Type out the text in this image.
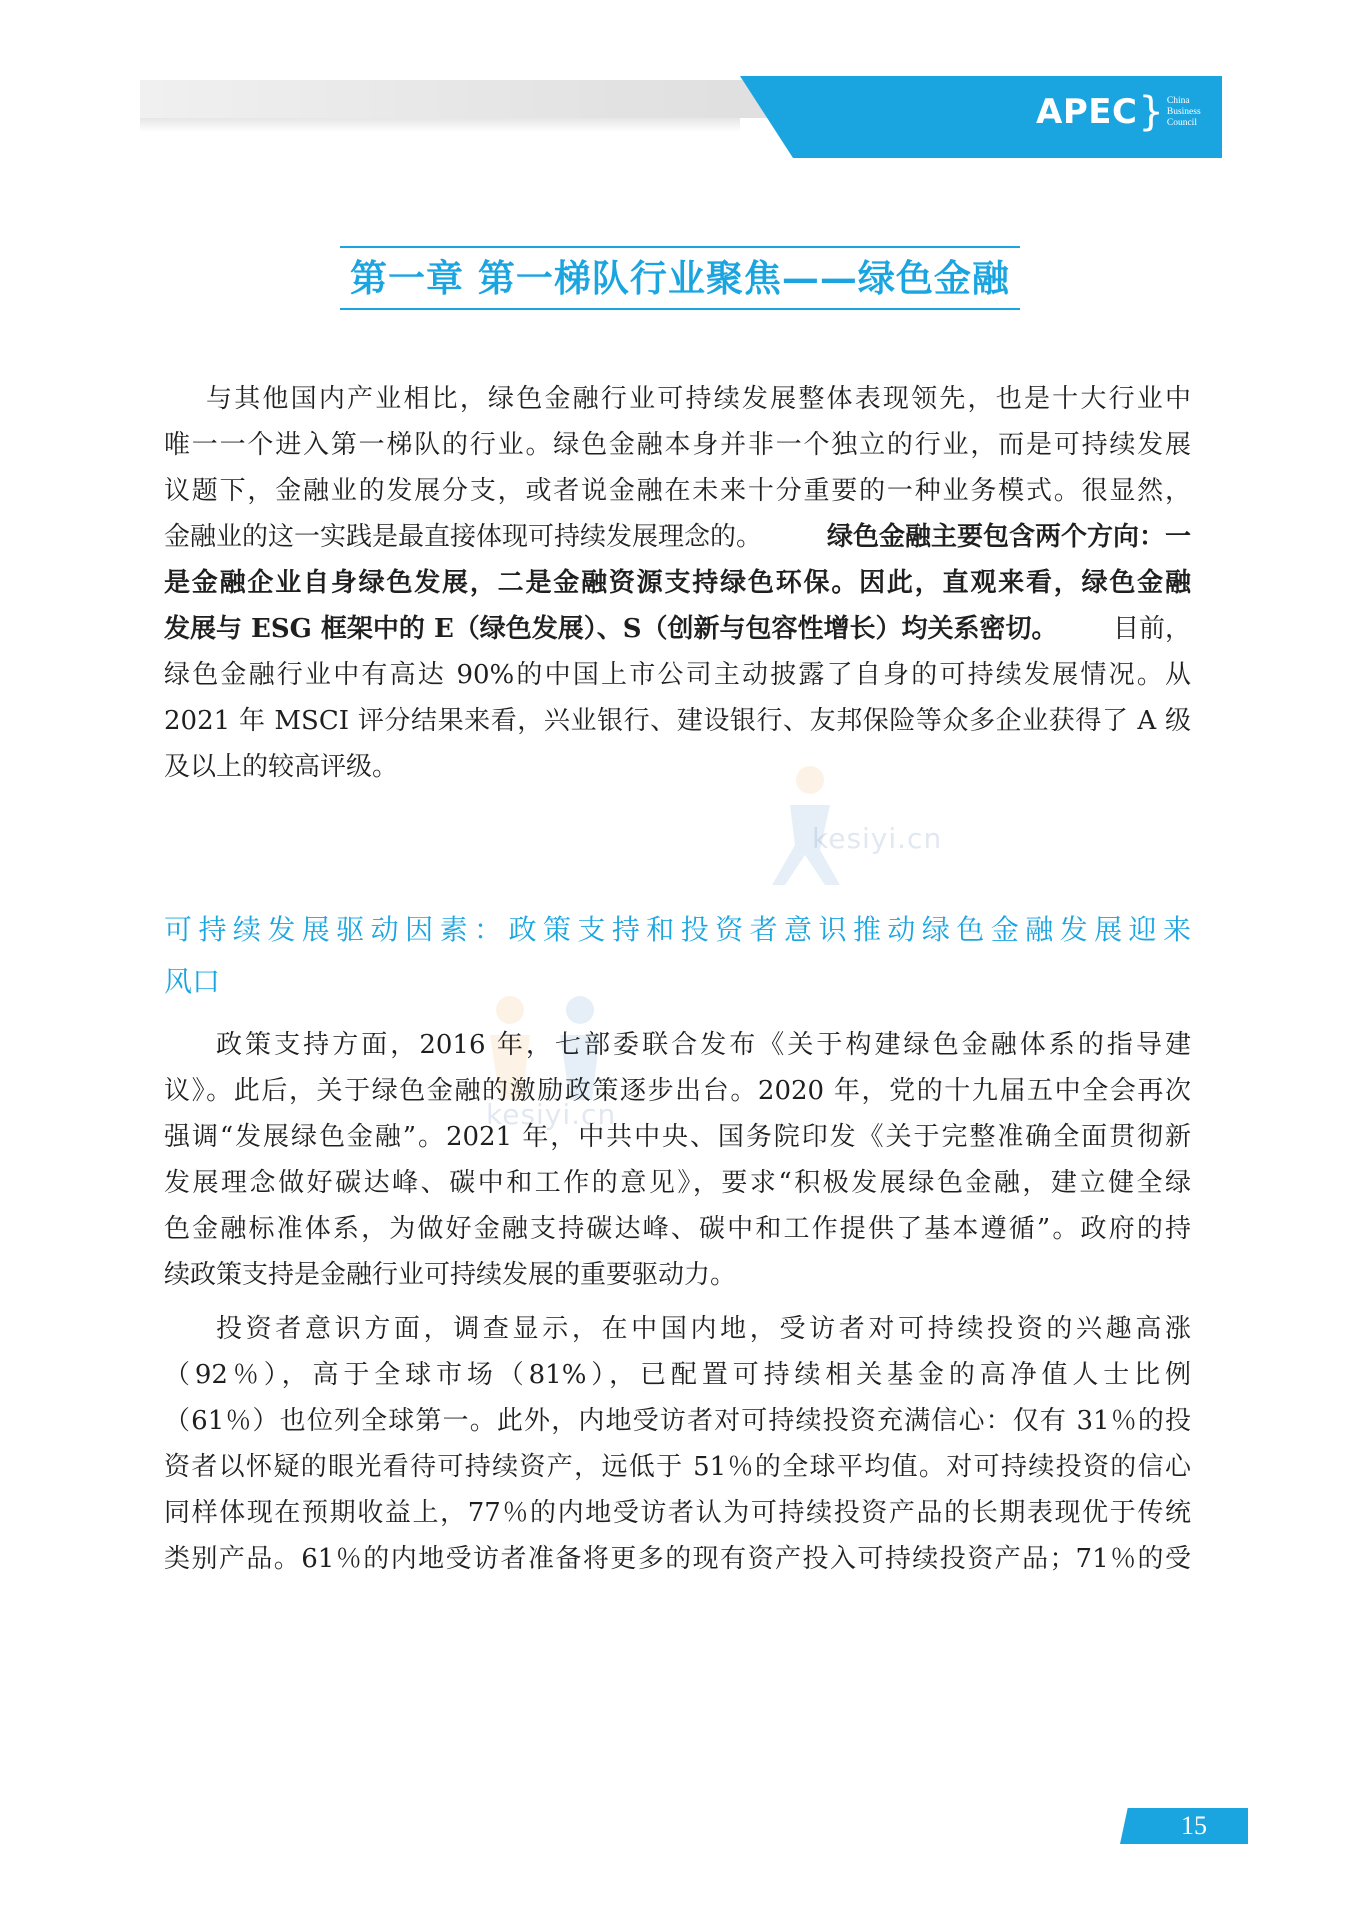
APEC } China
Business
Council
第一章 第一梯队行业聚焦——绿色金融
与其他国内产业相比，绿色金融行业可持续发展整体表现领先，也是十大行业中
唯一一个进入第一梯队的行业。绿色金融本身并非一个独立的行业，而是可持续发展
议题下，金融业的发展分支，或者说金融在未来十分重要的一种业务模式。很显然，
金融业的这一实践是最直接体现可持续发展理念的。 绿色金融主要包含两个方向：一
是金融企业自身绿色发展，二是金融资源支持绿色环保。因此，直观来看，绿色金融
发展与 ESG 框架中的 E（绿色发展）、S（创新与包容性增长）均关系密切。 目前，
绿色金融行业中有高达 90%的中国上市公司主动披露了自身的可持续发展情况。从
2021 年 MSCI 评分结果来看，兴业银行、建设银行、友邦保险等众多企业获得了 A 级
及以上的较高评级。
kesiyi.cn
kesiyi.cn
可持续发展驱动因素：政策支持和投资者意识推动绿色金融发展迎来
风口
政策支持方面，2016 年，七部委联合发布《关于构建绿色金融体系的指导建
议》。此后，关于绿色金融的激励政策逐步出台。2020 年，党的十九届五中全会再次
强调“发展绿色金融”。2021 年，中共中央、国务院印发《关于完整准确全面贯彻新
发展理念做好碳达峰、碳中和工作的意见》，要求“积极发展绿色金融，建立健全绿
色金融标准体系，为做好金融支持碳达峰、碳中和工作提供了基本遵循”。政府的持
续政策支持是金融行业可持续发展的重要驱动力。
投资者意识方面，调查显示，在中国内地，受访者对可持续投资的兴趣高涨
（92％），高于全球市场（81%），已配置可持续相关基金的高净值人士比例
（61％）也位列全球第一。此外，内地受访者对可持续投资充满信心：仅有 31％的投
资者以怀疑的眼光看待可持续资产，远低于 51％的全球平均值。对可持续投资的信心
同样体现在预期收益上，77％的内地受访者认为可持续投资产品的长期表现优于传统
类别产品。61％的内地受访者准备将更多的现有资产投入可持续投资产品；71％的受
15
